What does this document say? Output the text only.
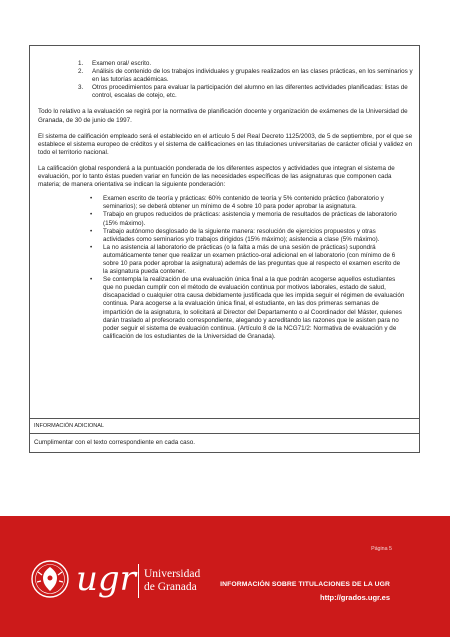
1. Examen oral/ escrito.
2. Análisis de contenido de los trabajos individuales y grupales realizados en las clases prácticas, en los seminarios y en las tutorías académicas.
3. Otros procedimientos para evaluar la participación del alumno en las diferentes actividades planificadas: listas de control, escalas de cotejo, etc.

Todo lo relativo a la evaluación se regirá por la normativa de planificación docente y organización de exámenes de la Universidad de Granada, de 30 de junio de 1997.

El sistema de calificación empleado será el establecido en el artículo 5 del Real Decreto 1125/2003, de 5 de septiembre, por el que se establece el sistema europeo de créditos y el sistema de calificaciones en las titulaciones universitarias de carácter oficial y validez en todo el territorio nacional.

La calificación global responderá a la puntuación ponderada de los diferentes aspectos y actividades que integran el sistema de evaluación, por lo tanto éstas pueden variar en función de las necesidades específicas de las asignaturas que componen cada materia; de manera orientativa se indican la siguiente ponderación:

• Examen escrito de teoría y prácticas: 60% contenido de teoría y 5% contenido práctico (laboratorio y seminarios); se deberá obtener un mínimo de 4 sobre 10 para poder aprobar la asignatura.
• Trabajo en grupos reducidos de prácticas: asistencia y memoria de resultados de prácticas de laboratorio (15% máximo).
• Trabajo autónomo desglosado de la siguiente manera: resolución de ejercicios propuestos y otras actividades como seminarios y/o trabajos dirigidos (15% máximo); asistencia a clase (5% máximo).
• La no asistencia al laboratorio de prácticas (o la falta a más de una sesión de prácticas) supondrá automáticamente tener que realizar un examen práctico-oral adicional en el laboratorio (con mínimo de 6 sobre 10 para poder aprobar la asignatura) además de las preguntas que al respecto el examen escrito de la asignatura pueda contener.
• Se contempla la realización de una evaluación única final a la que podrán acogerse aquellos estudiantes que no puedan cumplir con el método de evaluación continua por motivos laborales, estado de salud, discapacidad o cualquier otra causa debidamente justificada que les impida seguir el régimen de evaluación continua. Para acogerse a la evaluación única final, el estudiante, en las dos primeras semanas de impartición de la asignatura, lo solicitará al Director del Departamento o al Coordinador del Máster, quienes darán traslado al profesorado correspondiente, alegando y acreditando las razones que le asisten para no poder seguir el sistema de evaluación continua. (Artículo 8 de la NCG71/2: Normativa de evaluación y de calificación de los estudiantes de la Universidad de Granada).
INFORMACIÓN ADICIONAL
Cumplimentar con el texto correspondiente en cada caso.
Página 5
ugr Universidad
de Granada	INFORMACIÓN SOBRE TITULACIONES DE LA UGR
http://grados.ugr.es
